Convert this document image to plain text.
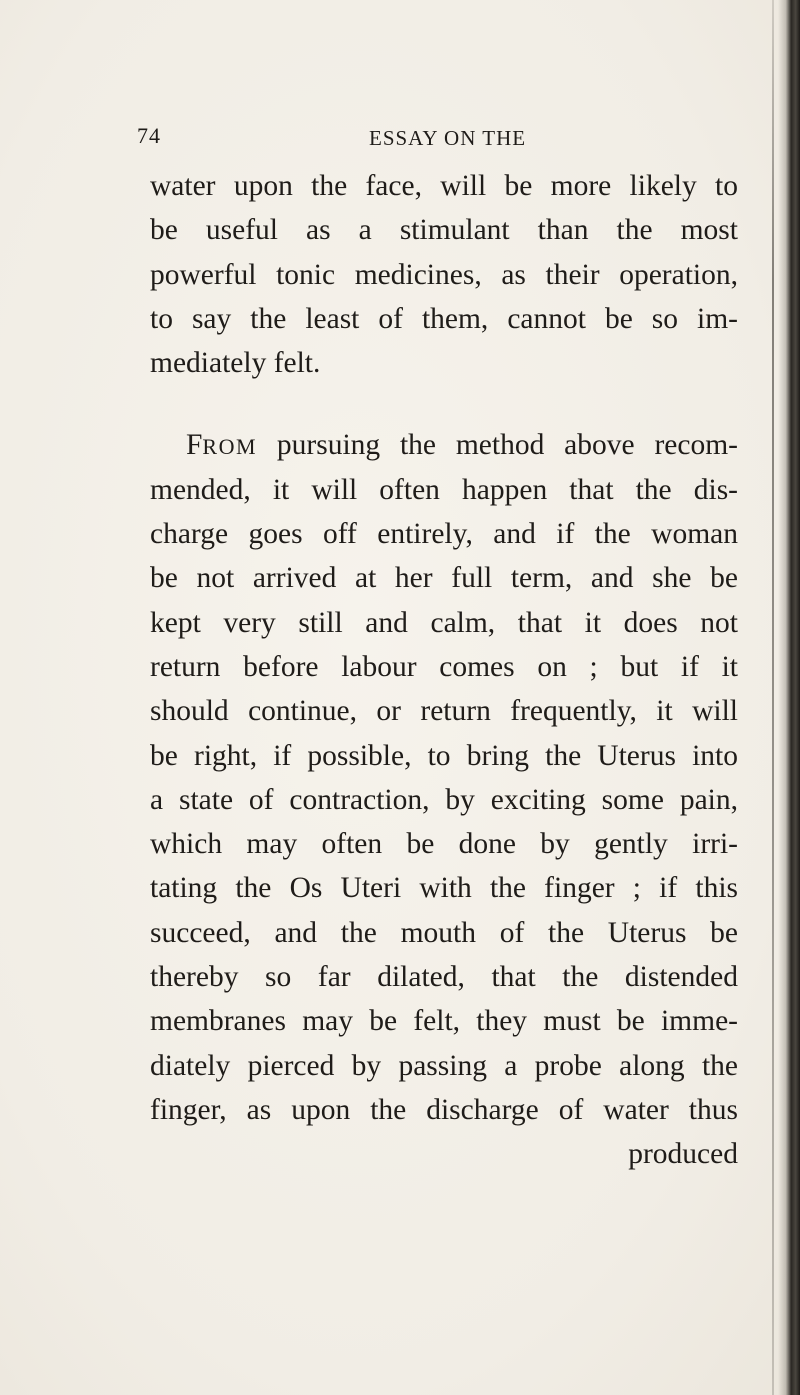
74	ESSAY ON THE
water upon the face, will be more likely to
be useful as a stimulant than the most
powerful tonic medicines, as their operation,
to say the least of them, cannot be so im-
mediately felt.
FROM pursuing the method above recom-
mended, it will often happen that the dis-
charge goes off entirely, and if the woman
be not arrived at her full term, and she be
kept very still and calm, that it does not
return before labour comes on ; but if it
should continue, or return frequently, it will
be right, if possible, to bring the Uterus into
a state of contraction, by exciting some pain,
which may often be done by gently irri-
tating the Os Uteri with the finger ; if this
succeed, and the mouth of the Uterus be
thereby so far dilated, that the distended
membranes may be felt, they must be imme-
diately pierced by passing a probe along the
finger, as upon the discharge of water thus
produced
